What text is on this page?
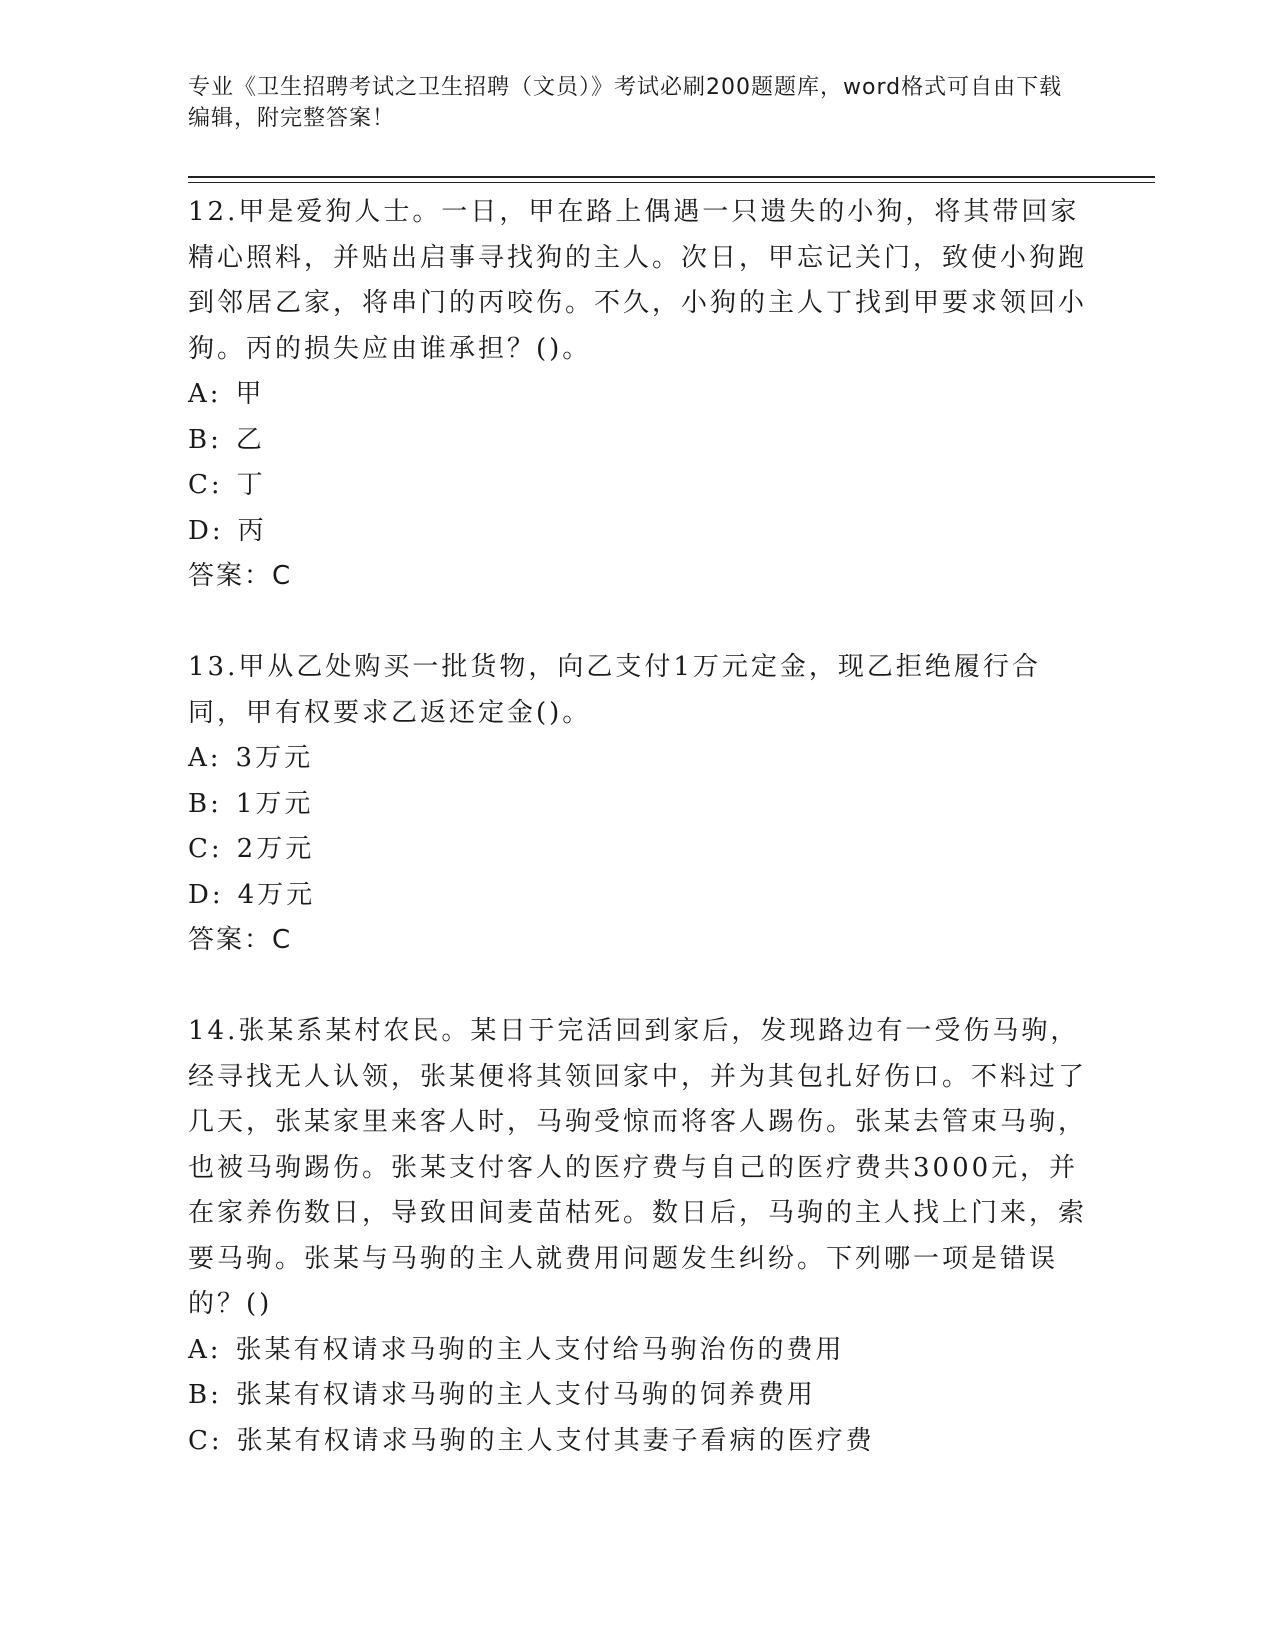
专业《卫生招聘考试之卫生招聘（文员）》考试必刷200题题库，word格式可自由下载编辑，附完整答案！

12.甲是爱狗人士。一日，甲在路上偶遇一只遗失的小狗，将其带回家精心照料，并贴出启事寻找狗的主人。次日，甲忘记关门，致使小狗跑到邻居乙家，将串门的丙咬伤。不久，小狗的主人丁找到甲要求领回小狗。丙的损失应由谁承担？()。

A: 甲

B: 乙

C: 丁

D: 丙

答案：C

13.甲从乙处购买一批货物，向乙支付1万元定金，现乙拒绝履行合同，甲有权要求乙返还定金()。

A: 3万元

B: 1万元

C: 2万元

D: 4万元

答案：C

14.张某系某村农民。某日于完活回到家后，发现路边有一受伤马驹，经寻找无人认领，张某便将其领回家中，并为其包扎好伤口。不料过了几天，张某家里来客人时，马驹受惊而将客人踢伤。张某去管束马驹，也被马驹踢伤。张某支付客人的医疗费与自己的医疗费共3000元，并在家养伤数日，导致田间麦苗枯死。数日后，马驹的主人找上门来，索要马驹。张某与马驹的主人就费用问题发生纠纷。下列哪一项是错误的？()

A: 张某有权请求马驹的主人支付给马驹治伤的费用

B: 张某有权请求马驹的主人支付马驹的饲养费用

C: 张某有权请求马驹的主人支付其妻子看病的医疗费
